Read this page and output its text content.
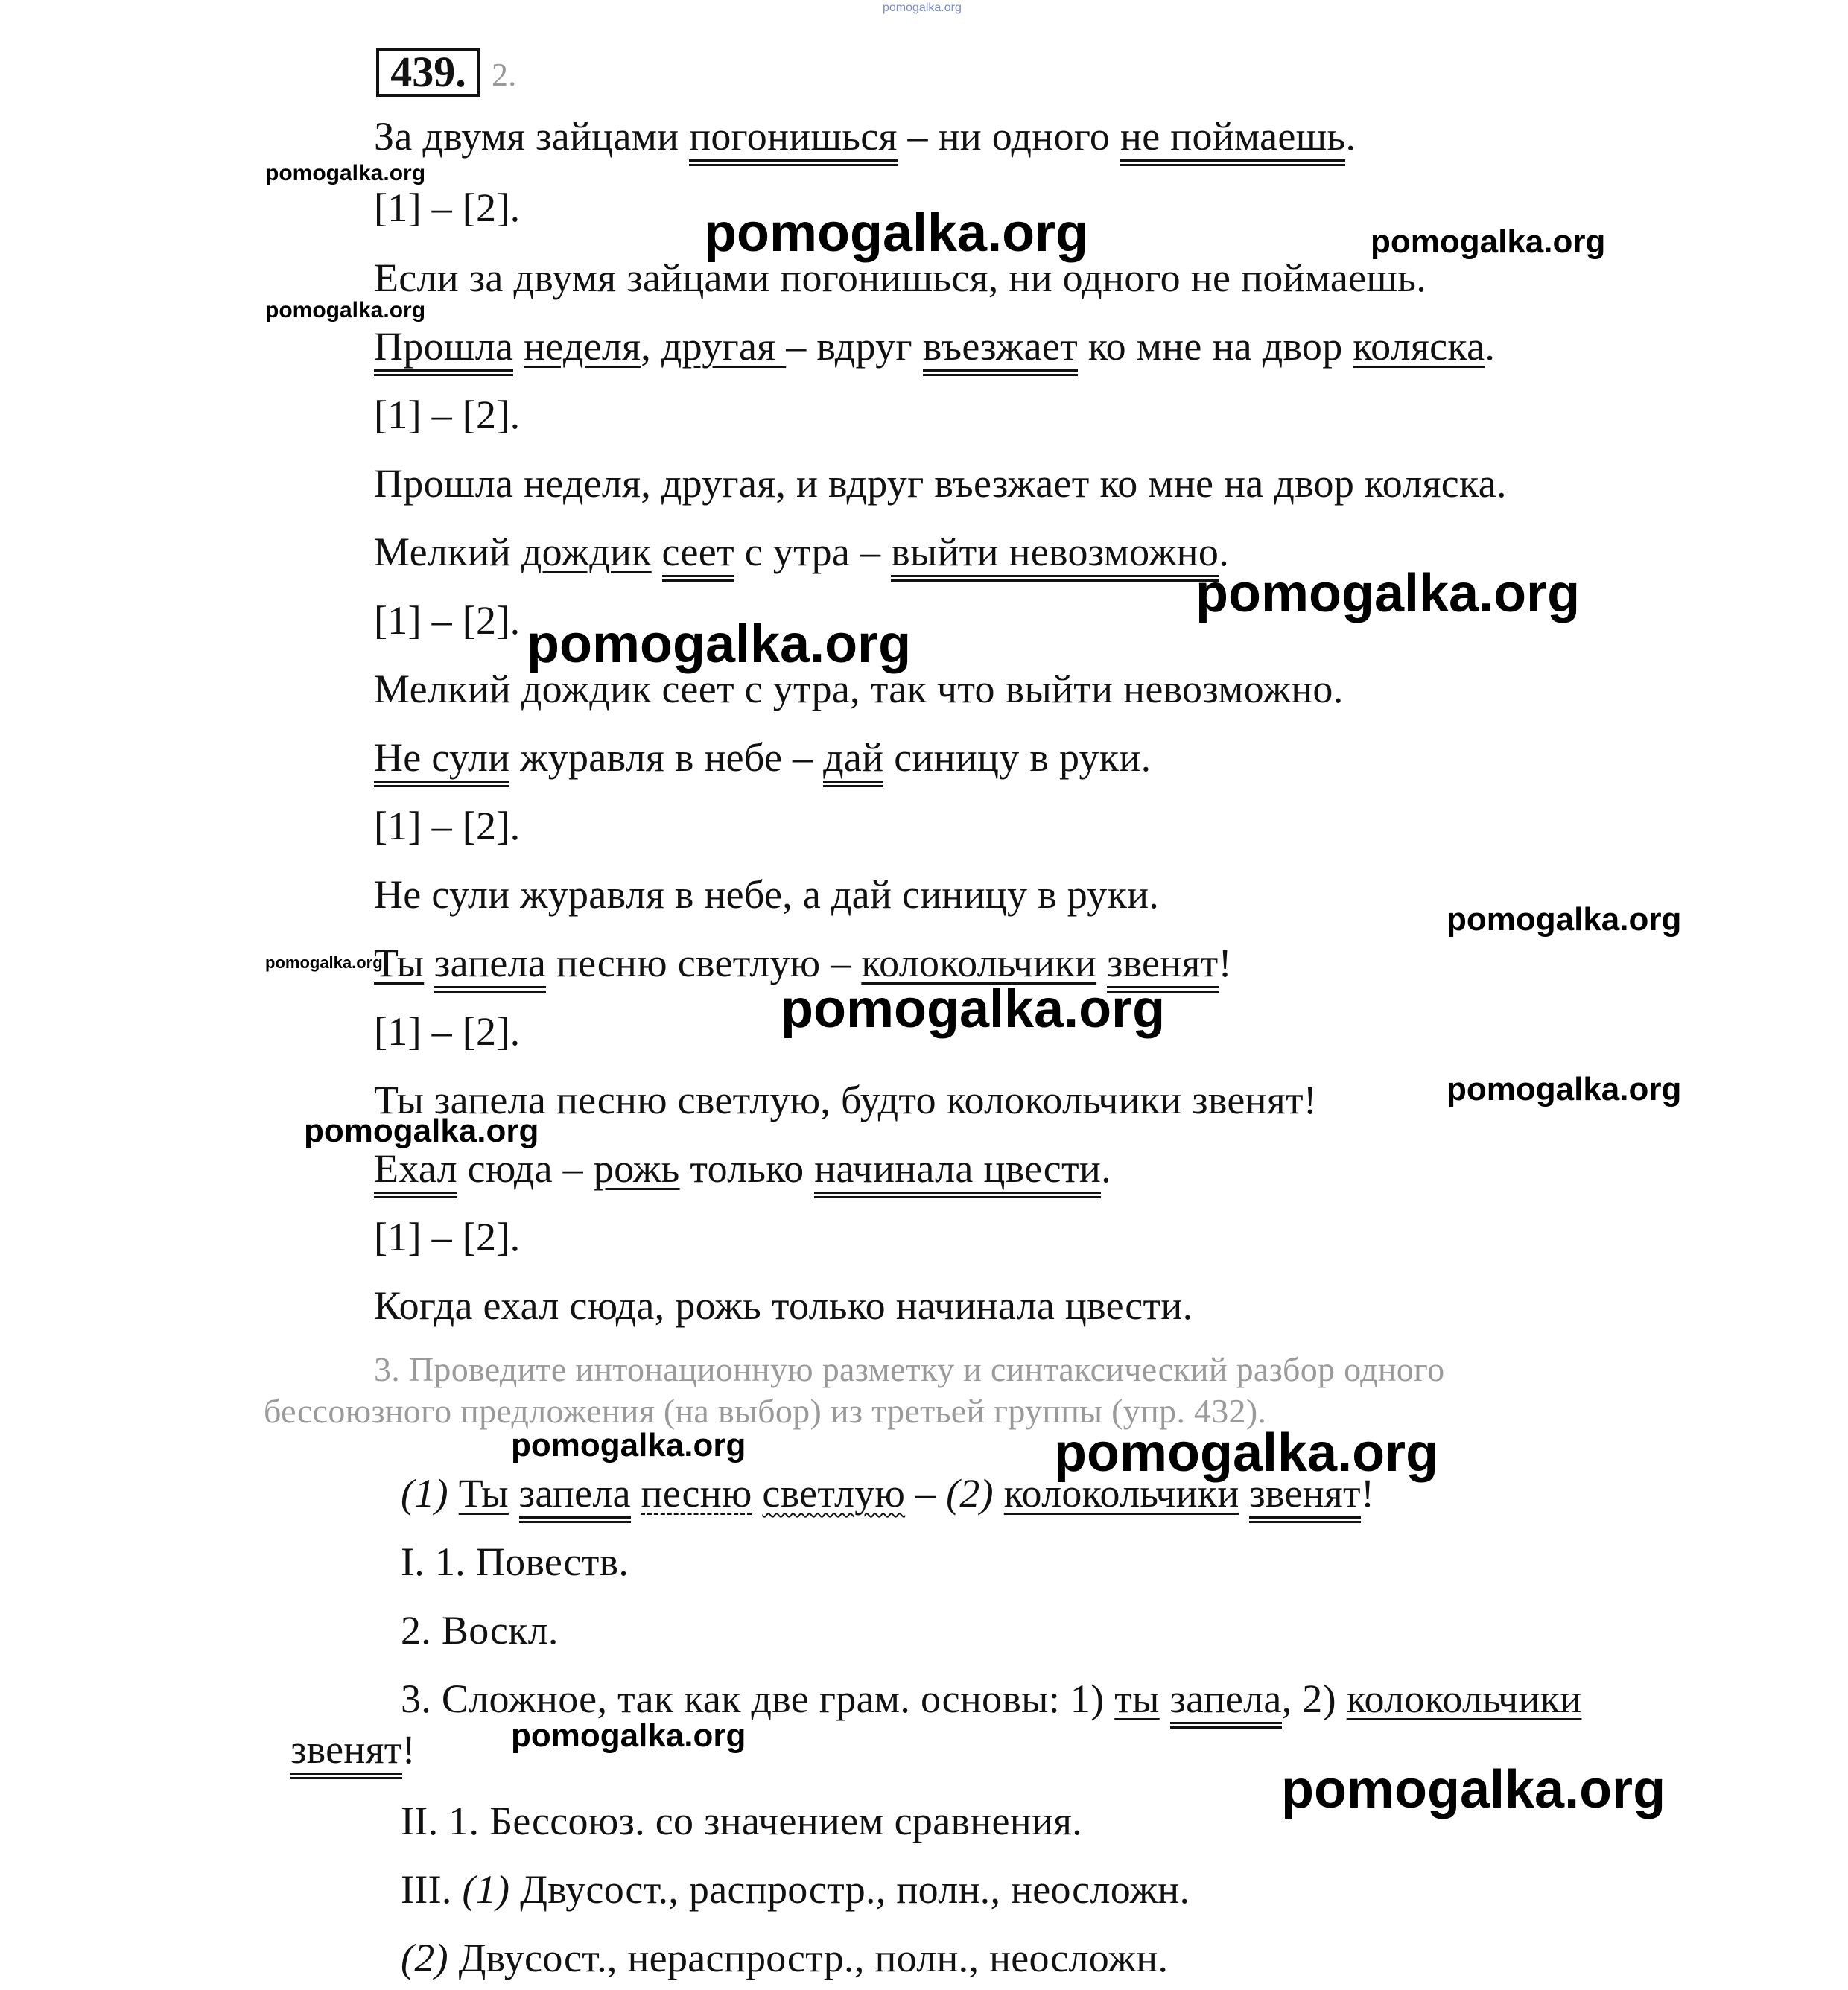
pomogalka.org
439. 2.
За двумя зайцами погонишься – ни одного не поймаешь.
[1] – [2].
Если за двумя зайцами погонишься, ни одного не поймаешь.
Прошла неделя, другая – вдруг въезжает ко мне на двор коляска.
[1] – [2].
Прошла неделя, другая, и вдруг въезжает ко мне на двор коляска.
Мелкий дождик сеет с утра – выйти невозможно.
[1] – [2].
Мелкий дождик сеет с утра, так что выйти невозможно.
Не сули журавля в небе – дай синицу в руки.
[1] – [2].
Не сули журавля в небе, а дай синицу в руки.
Ты запела песню светлую – колокольчики звенят!
[1] – [2].
Ты запела песню светлую, будто колокольчики звенят!
Ехал сюда – рожь только начинала цвести.
[1] – [2].
Когда ехал сюда, рожь только начинала цвести.
3. Проведите интонационную разметку и синтаксический разбор одного
бессоюзного предложения (на выбор) из третьей группы (упр. 432).
(1) Ты запела песню светлую – (2) колокольчики звенят!
I. 1. Повеств.
2. Воскл.
3. Сложное, так как две грам. основы: 1) ты запела, 2) колокольчики
звенят!
II. 1. Бессоюз. со значением сравнения.
III. (1) Двусост., распростр., полн., неосложн.
(2) Двусост., нераспростр., полн., неосложн.
pomogalka.org
pomogalka.org	pomogalka.org
pomogalka.org
pomogalka.org
pomogalka.org
pomogalka.org
pomogalka.org
pomogalka.org
pomogalka.org
pomogalka.org
pomogalka.org	pomogalka.org
pomogalka.org
pomogalka.org
